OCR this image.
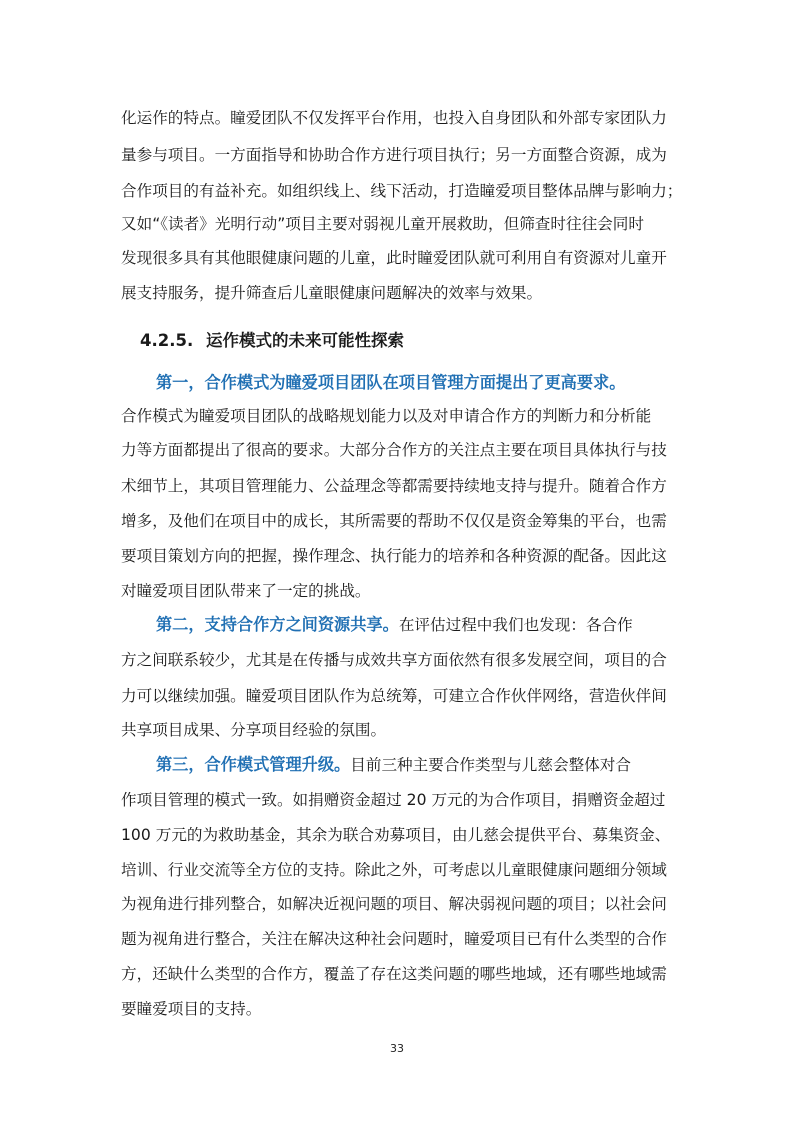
化运作的特点。瞳爱团队不仅发挥平台作用，也投入自身团队和外部专家团队力
量参与项目。一方面指导和协助合作方进行项目执行；另一方面整合资源，成为
合作项目的有益补充。如组织线上、线下活动，打造瞳爱项目整体品牌与影响力；
又如“《读者》光明行动”项目主要对弱视儿童开展救助，但筛查时往往会同时
发现很多具有其他眼健康问题的儿童，此时瞳爱团队就可利用自有资源对儿童开
展支持服务，提升筛查后儿童眼健康问题解决的效率与效果。
4.2.5. 运作模式的未来可能性探索
第一，合作模式为瞳爱项目团队在项目管理方面提出了更高要求。
合作模式为瞳爱项目团队的战略规划能力以及对申请合作方的判断力和分析能
力等方面都提出了很高的要求。大部分合作方的关注点主要在项目具体执行与技
术细节上，其项目管理能力、公益理念等都需要持续地支持与提升。随着合作方
增多，及他们在项目中的成长，其所需要的帮助不仅仅是资金筹集的平台，也需
要项目策划方向的把握，操作理念、执行能力的培养和各种资源的配备。因此这
对瞳爱项目团队带来了一定的挑战。
第二，支持合作方之间资源共享。在评估过程中我们也发现：各合作
方之间联系较少，尤其是在传播与成效共享方面依然有很多发展空间，项目的合
力可以继续加强。瞳爱项目团队作为总统筹，可建立合作伙伴网络，营造伙伴间
共享项目成果、分享项目经验的氛围。
第三，合作模式管理升级。目前三种主要合作类型与儿慈会整体对合
作项目管理的模式一致。如捐赠资金超过 20 万元的为合作项目，捐赠资金超过
100 万元的为救助基金，其余为联合劝募项目，由儿慈会提供平台、募集资金、
培训、行业交流等全方位的支持。除此之外，可考虑以儿童眼健康问题细分领域
为视角进行排列整合，如解决近视问题的项目、解决弱视问题的项目；以社会问
题为视角进行整合，关注在解决这种社会问题时，瞳爱项目已有什么类型的合作
方，还缺什么类型的合作方，覆盖了存在这类问题的哪些地域，还有哪些地域需
要瞳爱项目的支持。
33
